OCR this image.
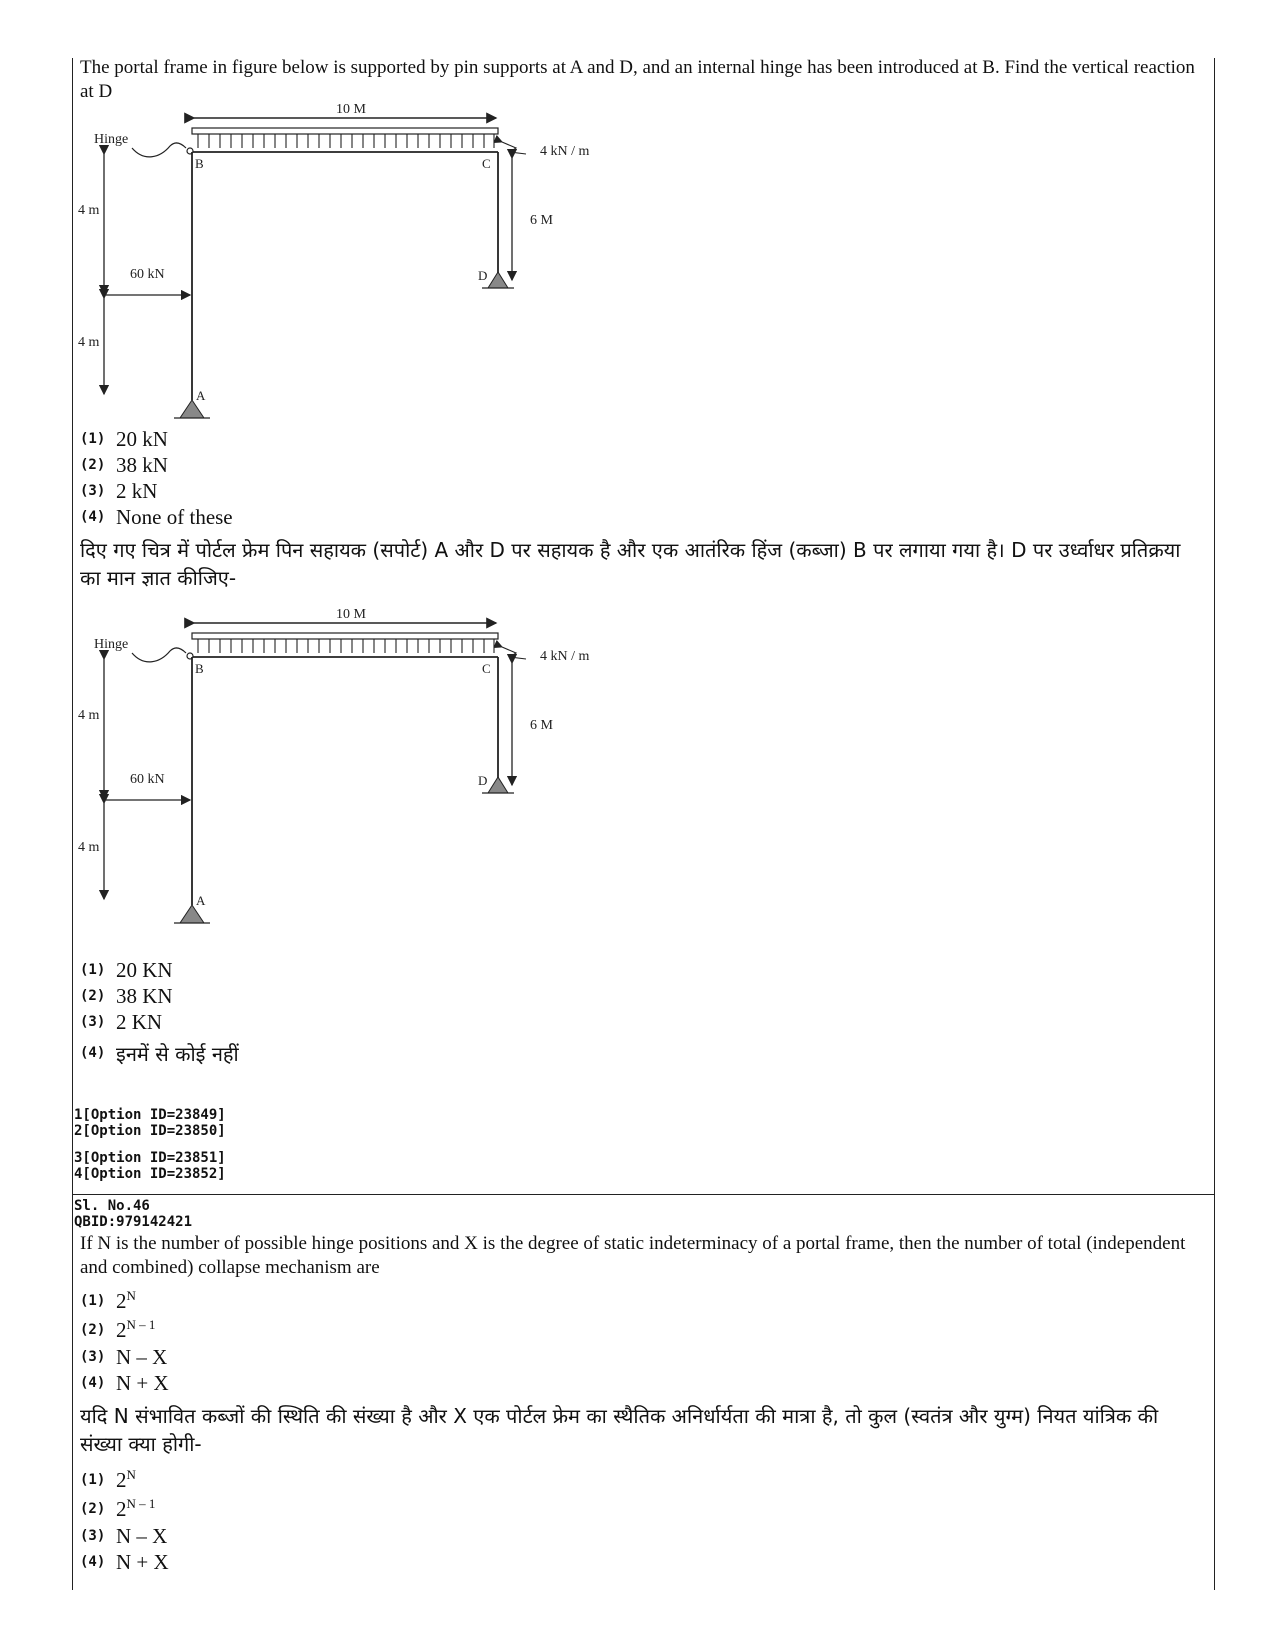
The portal frame in figure below is supported by pin supports at A and D, and an internal hinge has been introduced at B. Find the vertical reaction at D
10 M
Hinge
B	C
4 kN / m
6 M
D
4 m
4 m
60 kN
A
(1) 20 kN
(2) 38 kN
(3) 2 kN
(4) None of these
दिए गए चित्र में पोर्टल फ्रेम पिन सहायक (सपोर्ट) A और D पर सहायक है और एक आतंरिक हिंज (कब्जा) B पर लगाया गया है। D पर उर्ध्वाधर प्रतिक्रया का मान ज्ञात कीजिए-
10 M
Hinge
B	C
4 kN / m
6 M
D
4 m
4 m
60 kN
A
(1) 20 KN
(2) 38 KN
(3) 2 KN
(4) इनमें से कोई नहीं
1[Option ID=23849]
2[Option ID=23850]
3[Option ID=23851]
4[Option ID=23852]
Sl. No.46
QBID:979142421
If N is the number of possible hinge positions and X is the degree of static indeterminacy of a portal frame, then the number of total (independent and combined) collapse mechanism are
(1) $2^N$
(2) $2^{N - 1}$
(3) N – X
(4) N + X
यदि N संभावित कब्जों की स्थिति की संख्या है और X एक पोर्टल फ्रेम का स्थैतिक अनिर्धार्यता की मात्रा है, तो कुल (स्वतंत्र और युग्म) नियत यांत्रिक की संख्या क्या होगी-
(1) $2^N$
(2) $2^{N - 1}$
(3) N – X
(4) N + X
